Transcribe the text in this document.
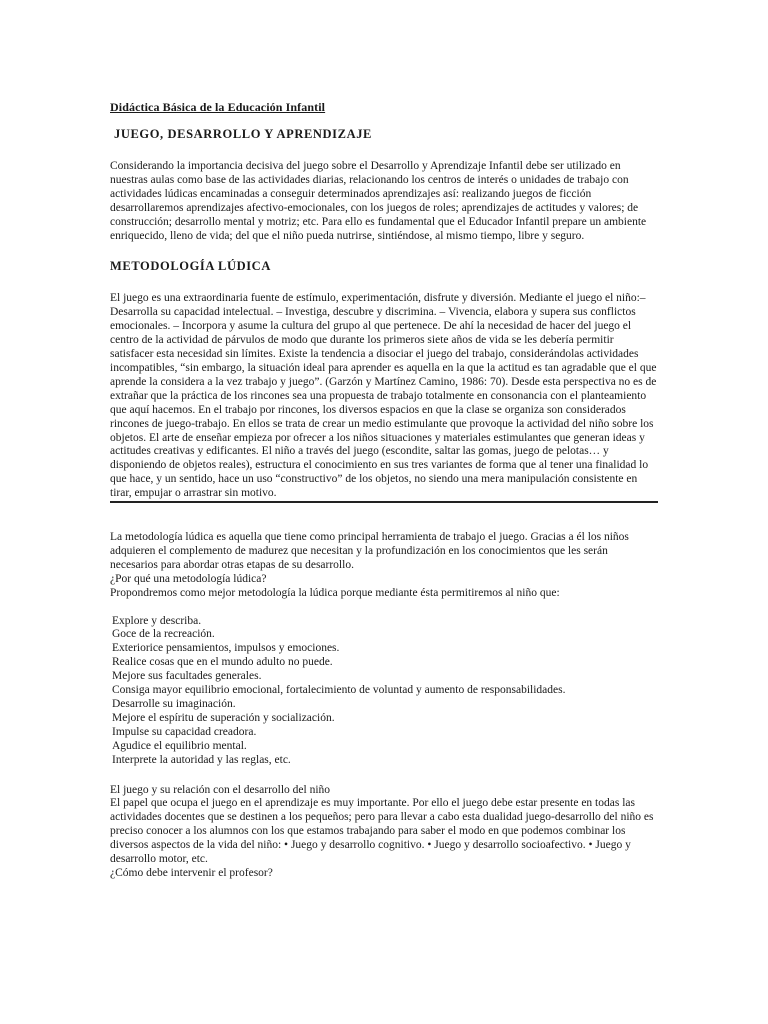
Didáctica Básica de la Educación Infantil
JUEGO, DESARROLLO Y APRENDIZAJE

Considerando la importancia decisiva del juego sobre el Desarrollo y Aprendizaje Infantil debe ser utilizado en nuestras aulas como base de las actividades diarias, relacionando los centros de interés o unidades de trabajo con actividades lúdicas encaminadas a conseguir determinados aprendizajes así: realizando juegos de ficción desarrollaremos aprendizajes afectivo-emocionales, con los juegos de roles; aprendizajes de actitudes y valores; de construcción; desarrollo mental y motriz; etc. Para ello es fundamental que el Educador Infantil prepare un ambiente enriquecido, lleno de vida; del que el niño pueda nutrirse, sintiéndose, al mismo tiempo, libre y seguro.

METODOLOGÍA LÚDICA

El juego es una extraordinaria fuente de estímulo, experimentación, disfrute y diversión. Mediante el juego el niño:– Desarrolla su capacidad intelectual. – Investiga, descubre y discrimina. – Vivencia, elabora y supera sus conflictos emocionales. – Incorpora y asume la cultura del grupo al que pertenece. De ahí la necesidad de hacer del juego el centro de la actividad de párvulos de modo que durante los primeros siete años de vida se les debería permitir satisfacer esta necesidad sin límites. Existe la tendencia a disociar el juego del trabajo, considerándolas actividades incompatibles, “sin embargo, la situación ideal para aprender es aquella en la que la actitud es tan agradable que el que aprende la considera a la vez trabajo y juego”. (Garzón y Martínez Camino, 1986: 70). Desde esta perspectiva no es de extrañar que la práctica de los rincones sea una propuesta de trabajo totalmente en consonancia con el planteamiento que aquí hacemos. En el trabajo por rincones, los diversos espacios en que la clase se organiza son considerados rincones de juego-trabajo. En ellos se trata de crear un medio estimulante que provoque la actividad del niño sobre los objetos. El arte de enseñar empieza por ofrecer a los niños situaciones y materiales estimulantes que generan ideas y actitudes creativas y edificantes. El niño a través del juego (escondite, saltar las gomas, juego de pelotas… y disponiendo de objetos reales), estructura el conocimiento en sus tres variantes de forma que al tener una finalidad lo que hace, y un sentido, hace un uso “constructivo” de los objetos, no siendo una mera manipulación consistente en tirar, empujar o arrastrar sin motivo.

La metodología lúdica es aquella que tiene como principal herramienta de trabajo el juego. Gracias a él los niños adquieren el complemento de madurez que necesitan y la profundización en los conocimientos que les serán necesarios para abordar otras etapas de su desarrollo.
¿Por qué una metodología lúdica?
Propondremos como mejor metodología la lúdica porque mediante ésta permitiremos al niño que:
Explore y describa.
Goce de la recreación.
Exteriorice pensamientos, impulsos y emociones.
Realice cosas que en el mundo adulto no puede.
Mejore sus facultades generales.
Consiga mayor equilibrio emocional, fortalecimiento de voluntad y aumento de responsabilidades.
Desarrolle su imaginación.
Mejore el espíritu de superación y socialización.
Impulse su capacidad creadora.
Agudice el equilibrio mental.
Interprete la autoridad y las reglas, etc.
El juego y su relación con el desarrollo del niño
El papel que ocupa el juego en el aprendizaje es muy importante. Por ello el juego debe estar presente en todas las actividades docentes que se destinen a los pequeños; pero para llevar a cabo esta dualidad juego-desarrollo del niño es preciso conocer a los alumnos con los que estamos trabajando para saber el modo en que podemos combinar los diversos aspectos de la vida del niño: • Juego y desarrollo cognitivo. • Juego y desarrollo socioafectivo. • Juego y desarrollo motor, etc.
¿Cómo debe intervenir el profesor?
